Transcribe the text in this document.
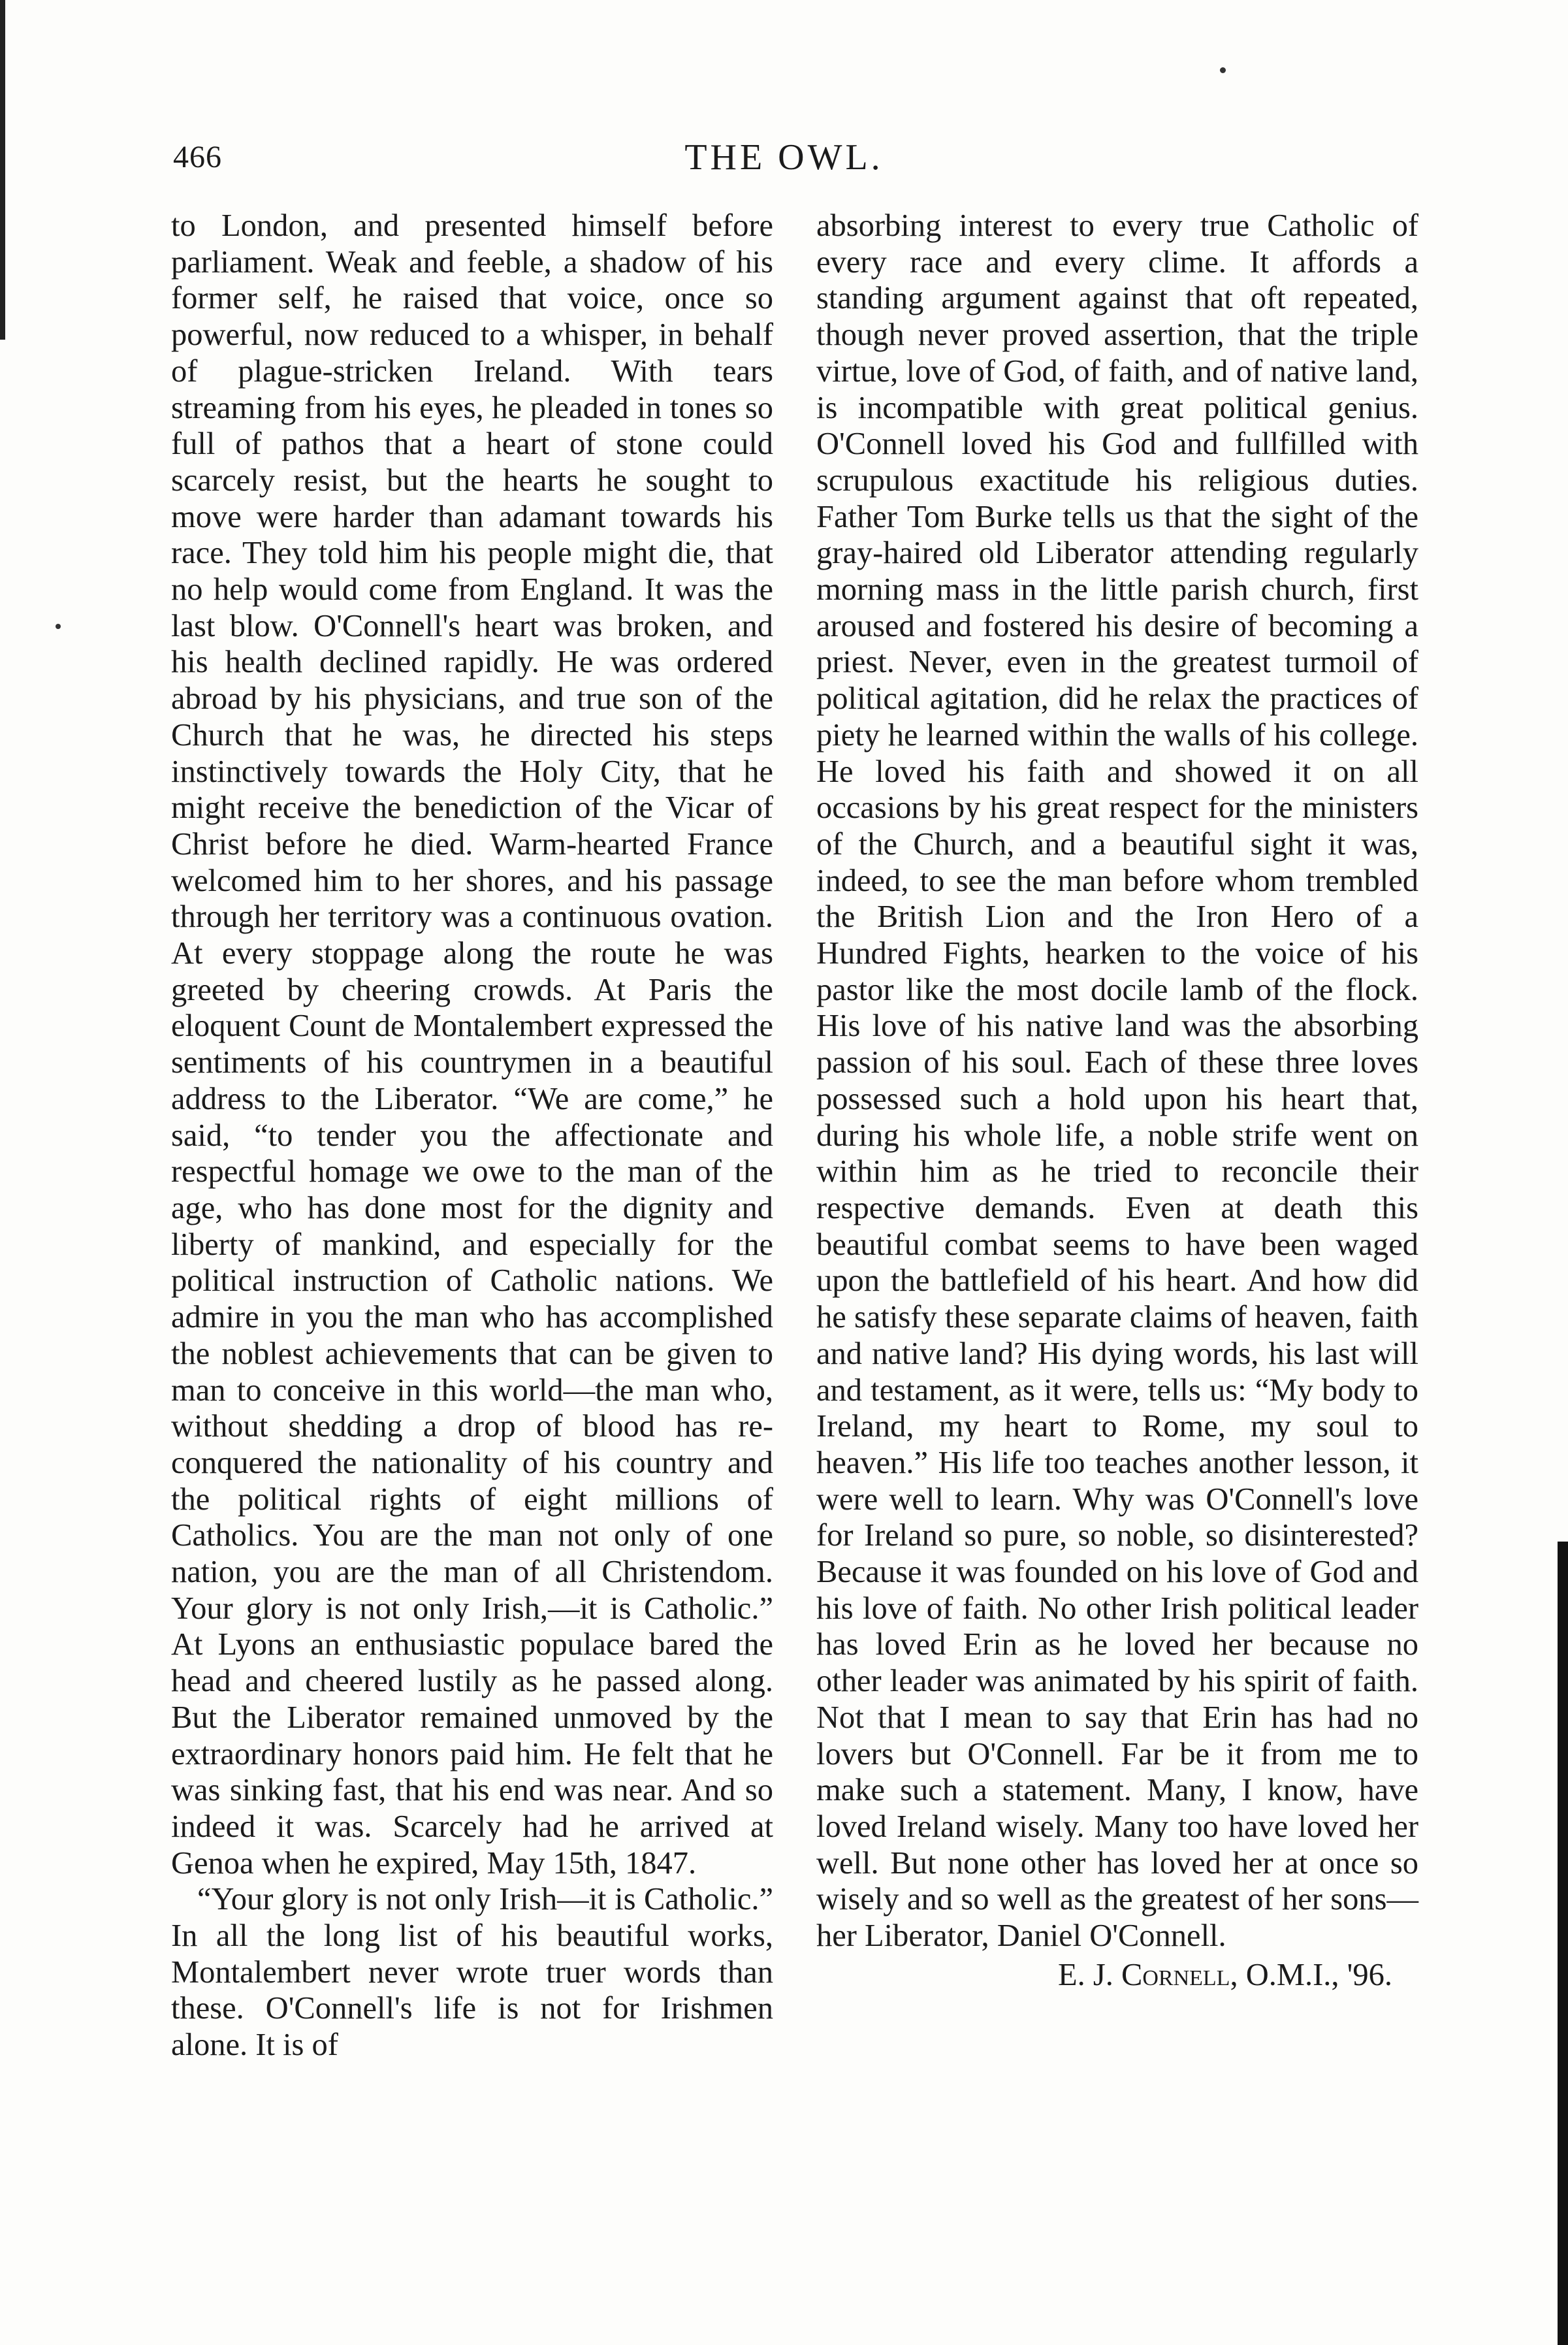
466	THE OWL.

to London, and presented himself before parliament. Weak and feeble, a shadow of his former self, he raised that voice, once so powerful, now reduced to a whisper, in behalf of plague-stricken Ireland. With tears streaming from his eyes, he pleaded in tones so full of pathos that a heart of stone could scarcely resist, but the hearts he sought to move were harder than adamant towards his race. They told him his people might die, that no help would come from England. It was the last blow. O'Connell's heart was broken, and his health declined rapidly. He was ordered abroad by his physicians, and true son of the Church that he was, he directed his steps instinctively towards the Holy City, that he might receive the benediction of the Vicar of Christ before he died. Warm-hearted France welcomed him to her shores, and his passage through her territory was a continuous ovation. At every stoppage along the route he was greeted by cheering crowds. At Paris the eloquent Count de Montalembert expressed the sentiments of his countrymen in a beautiful address to the Liberator. “We are come,” he said, “to tender you the affectionate and respectful homage we owe to the man of the age, who has done most for the dignity and liberty of mankind, and especially for the political instruction of Catholic nations. We admire in you the man who has accomplished the noblest achievements that can be given to man to conceive in this world—the man who, without shedding a drop of blood has re-conquered the nationality of his country and the political rights of eight millions of Catholics. You are the man not only of one nation, you are the man of all Christendom. Your glory is not only Irish,—it is Catholic.” At Lyons an enthusiastic populace bared the head and cheered lustily as he passed along. But the Liberator remained unmoved by the extraordinary honors paid him. He felt that he was sinking fast, that his end was near. And so indeed it was. Scarcely had he arrived at Genoa when he expired, May 15th, 1847.

“Your glory is not only Irish—it is Catholic.” In all the long list of his beautiful works, Montalembert never wrote truer words than these. O'Connell's life is not for Irishmen alone. It is of

absorbing interest to every true Catholic of every race and every clime. It affords a standing argument against that oft repeated, though never proved assertion, that the triple virtue, love of God, of faith, and of native land, is incompatible with great political genius. O'Connell loved his God and fullfilled with scrupulous exactitude his religious duties. Father Tom Burke tells us that the sight of the gray-haired old Liberator attending regularly morning mass in the little parish church, first aroused and fostered his desire of becoming a priest. Never, even in the greatest turmoil of political agitation, did he relax the practices of piety he learned within the walls of his college. He loved his faith and showed it on all occasions by his great respect for the ministers of the Church, and a beautiful sight it was, indeed, to see the man before whom trembled the British Lion and the Iron Hero of a Hundred Fights, hearken to the voice of his pastor like the most docile lamb of the flock. His love of his native land was the absorbing passion of his soul. Each of these three loves possessed such a hold upon his heart that, during his whole life, a noble strife went on within him as he tried to reconcile their respective demands. Even at death this beautiful combat seems to have been waged upon the battlefield of his heart. And how did he satisfy these separate claims of heaven, faith and native land? His dying words, his last will and testament, as it were, tells us: “My body to Ireland, my heart to Rome, my soul to heaven.” His life too teaches another lesson, it were well to learn. Why was O'Connell's love for Ireland so pure, so noble, so disinterested? Because it was founded on his love of God and his love of faith. No other Irish political leader has loved Erin as he loved her because no other leader was animated by his spirit of faith. Not that I mean to say that Erin has had no lovers but O'Connell. Far be it from me to make such a statement. Many, I know, have loved Ireland wisely. Many too have loved her well. But none other has loved her at once so wisely and so well as the greatest of her sons—her Liberator, Daniel O'Connell.

E. J. Cornell, O.M.I., '96.
